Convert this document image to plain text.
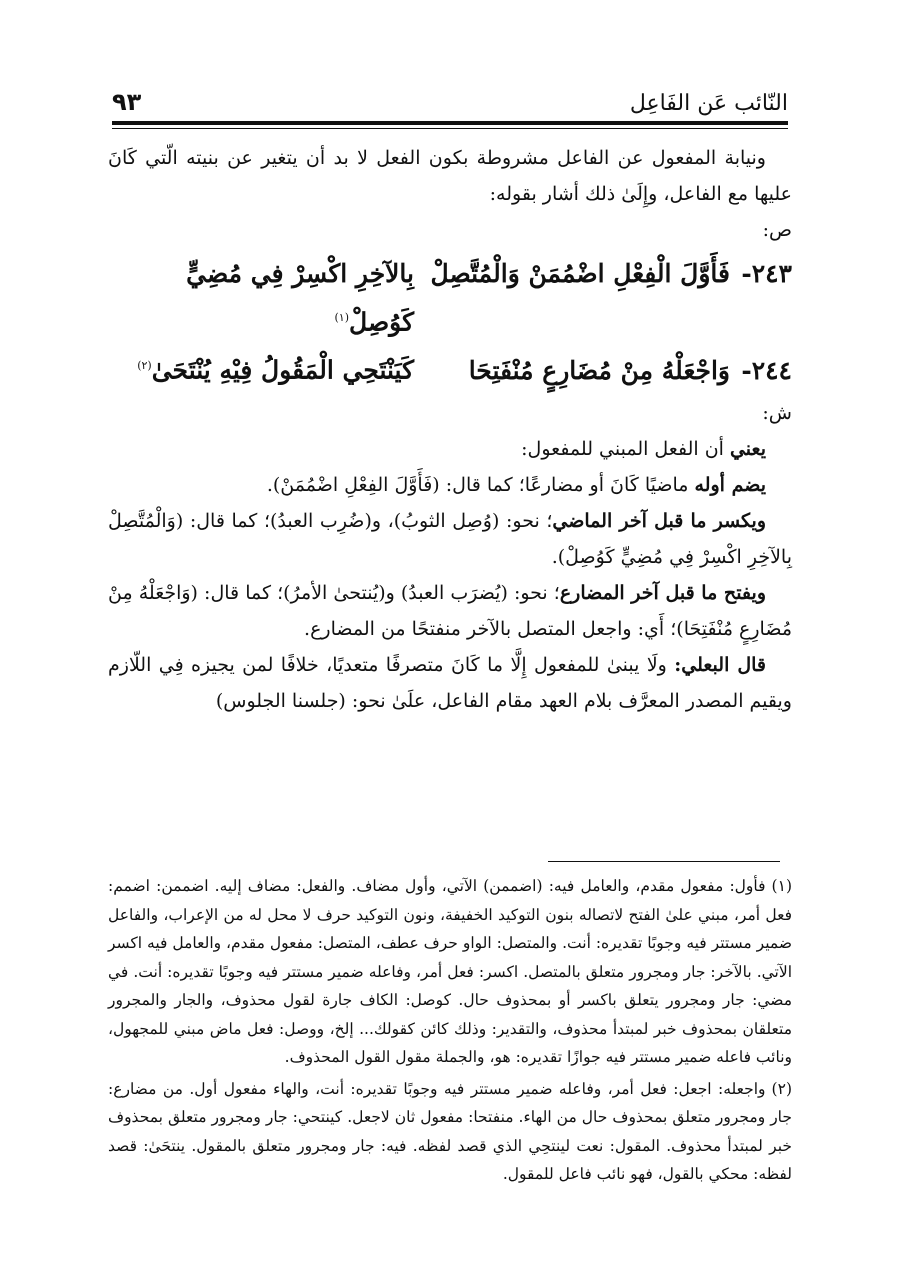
النّائب عَن الفَاعِل
٩٣

ونيابة المفعول عن الفاعل مشروطة بكون الفعل لا بد أن يتغير عن بنيته الّتي كَانَ عليها مع الفاعل، وإِلَىٰ ذلك أشار بقوله:

ص:

٢٤٣-
فَأَوَّلَ الْفِعْلِ اضْمُمَنْ وَالْمُتَّصِلْ
بِالآخِرِ اكْسِرْ فِي مُضِيٍّ كَوُصِلْ$^{(١)}$
٢٤٤-
وَاجْعَلْهُ مِنْ مُضَارِعٍ مُنْفَتِحَا
كَيَنْتَحِي الْمَقُولُ فِيْهِ يُنْتَحَىٰ$^{(٢)}$

ش:

يعني أن الفعل المبني للمفعول:

يضم أوله ماضيًا كَانَ أو مضارعًا؛ كما قال: (فَأَوَّلَ الفِعْلِ اضْمُمَنْ).

ويكسر ما قبل آخر الماضي؛ نحو: (وُصِل الثوبُ)، و(ضُرِب العبدُ)؛ كما قال: (وَالْمُتَّصِلْ بِالآخِرِ اكْسِرْ فِي مُضِيٍّ كَوُصِلْ).

ويفتح ما قبل آخر المضارع؛ نحو: (يُضرَب العبدُ) و(يُنتحىٰ الأمرُ)؛ كما قال: (وَاجْعَلْهُ مِنْ مُضَارِعٍ مُنْفَتِحَا)؛ أَي: واجعل المتصل بالآخر منفتحًا من المضارع.

قال البعلي: ولَا يبنىٰ للمفعول إِلَّا ما كَانَ متصرفًا متعديًا، خلافًا لمن يجيزه فِي اللّازم ويقيم المصدر المعرَّف بلام العهد مقام الفاعل، علَىٰ نحو: (جلسنا الجلوس)

(١)فأول: مفعول مقدم، والعامل فيه: (اضممن) الآتي، وأول مضاف. والفعل: مضاف إليه. اضممن: اضمم: فعل أمر، مبني علىٰ الفتح لاتصاله بنون التوكيد الخفيفة، ونون التوكيد حرف لا محل له من الإعراب، والفاعل ضمير مستتر فيه وجوبًا تقديره: أنت. والمتصل: الواو حرف عطف، المتصل: مفعول مقدم، والعامل فيه اكسر الآتي. بالآخر: جار ومجرور متعلق بالمتصل. اكسر: فعل أمر، وفاعله ضمير مستتر فيه وجوبًا تقديره: أنت. في مضي: جار ومجرور يتعلق باكسر أو بمحذوف حال. كوصل: الكاف جارة لقول محذوف، والجار والمجرور متعلقان بمحذوف خبر لمبتدأ محذوف، والتقدير: وذلك كائن كقولك... إلخ، ووصل: فعل ماض مبني للمجهول، ونائب فاعله ضمير مستتر فيه جوازًا تقديره: هو، والجملة مقول القول المحذوف.

(٢)واجعله: اجعل: فعل أمر، وفاعله ضمير مستتر فيه وجوبًا تقديره: أنت، والهاء مفعول أول. من مضارع: جار ومجرور متعلق بمحذوف حال من الهاء. منفتحا: مفعول ثان لاجعل. كينتحي: جار ومجرور متعلق بمحذوف خبر لمبتدأ محذوف. المقول: نعت لينتحِي الذي قصد لفظه. فيه: جار ومجرور متعلق بالمقول. ينتحَىٰ: قصد لفظه: محكي بالقول، فهو نائب فاعل للمقول.
